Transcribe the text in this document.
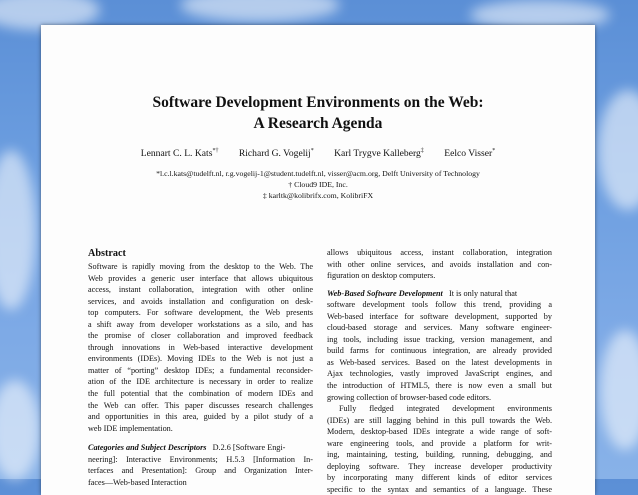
Software Development Environments on the Web:
A Research Agenda
Lennart C. L. Kats*† Richard G. Vogelij* Karl Trygve Kalleberg‡ Eelco Visser*
*l.c.l.kats@tudelft.nl, r.g.vogelij-1@student.tudelft.nl, visser@acm.org, Delft University of Technology
† Cloud9 IDE, Inc.
‡ karltk@kolibrifx.com, KolibriFX
Abstract
Software is rapidly moving from the desktop to the Web. The
Web provides a generic user interface that allows ubiquitous
access, instant collaboration, integration with other online
services, and avoids installation and configuration on desk-
top computers. For software development, the Web presents
a shift away from developer workstations as a silo, and has
the promise of closer collaboration and improved feedback
through innovations in Web-based interactive development
environments (IDEs). Moving IDEs to the Web is not just a
matter of “porting” desktop IDEs; a fundamental reconsider-
ation of the IDE architecture is necessary in order to realize
the full potential that the combination of modern IDEs and
the Web can offer. This paper discusses research challenges
and opportunities in this area, guided by a pilot study of a
web IDE implementation.
Categories and Subject Descriptors D.2.6 [Software Engi-
neering]: Interactive Environments; H.5.3 [Information In-
terfaces and Presentation]: Group and Organization Inter-
faces—Web-based Interaction
allows ubiquitous access, instant collaboration, integration
with other online services, and avoids installation and con-
figuration on desktop computers.
Web-Based Software Development It is only natural that
software development tools follow this trend, providing a
Web-based interface for software development, supported by
cloud-based storage and services. Many software engineer-
ing tools, including issue tracking, version management, and
build farms for continuous integration, are already provided
as Web-based services. Based on the latest developments in
Ajax technologies, vastly improved JavaScript engines, and
the introduction of HTML5, there is now even a small but
growing collection of browser-based code editors.
Fully fledged integrated development environments
(IDEs) are still lagging behind in this pull towards the Web.
Modern, desktop-based IDEs integrate a wide range of soft-
ware engineering tools, and provide a platform for writ-
ing, maintaining, testing, building, running, debugging, and
deploying software. They increase developer productivity
by incorporating many different kinds of editor services
specific to the syntax and semantics of a language. These
